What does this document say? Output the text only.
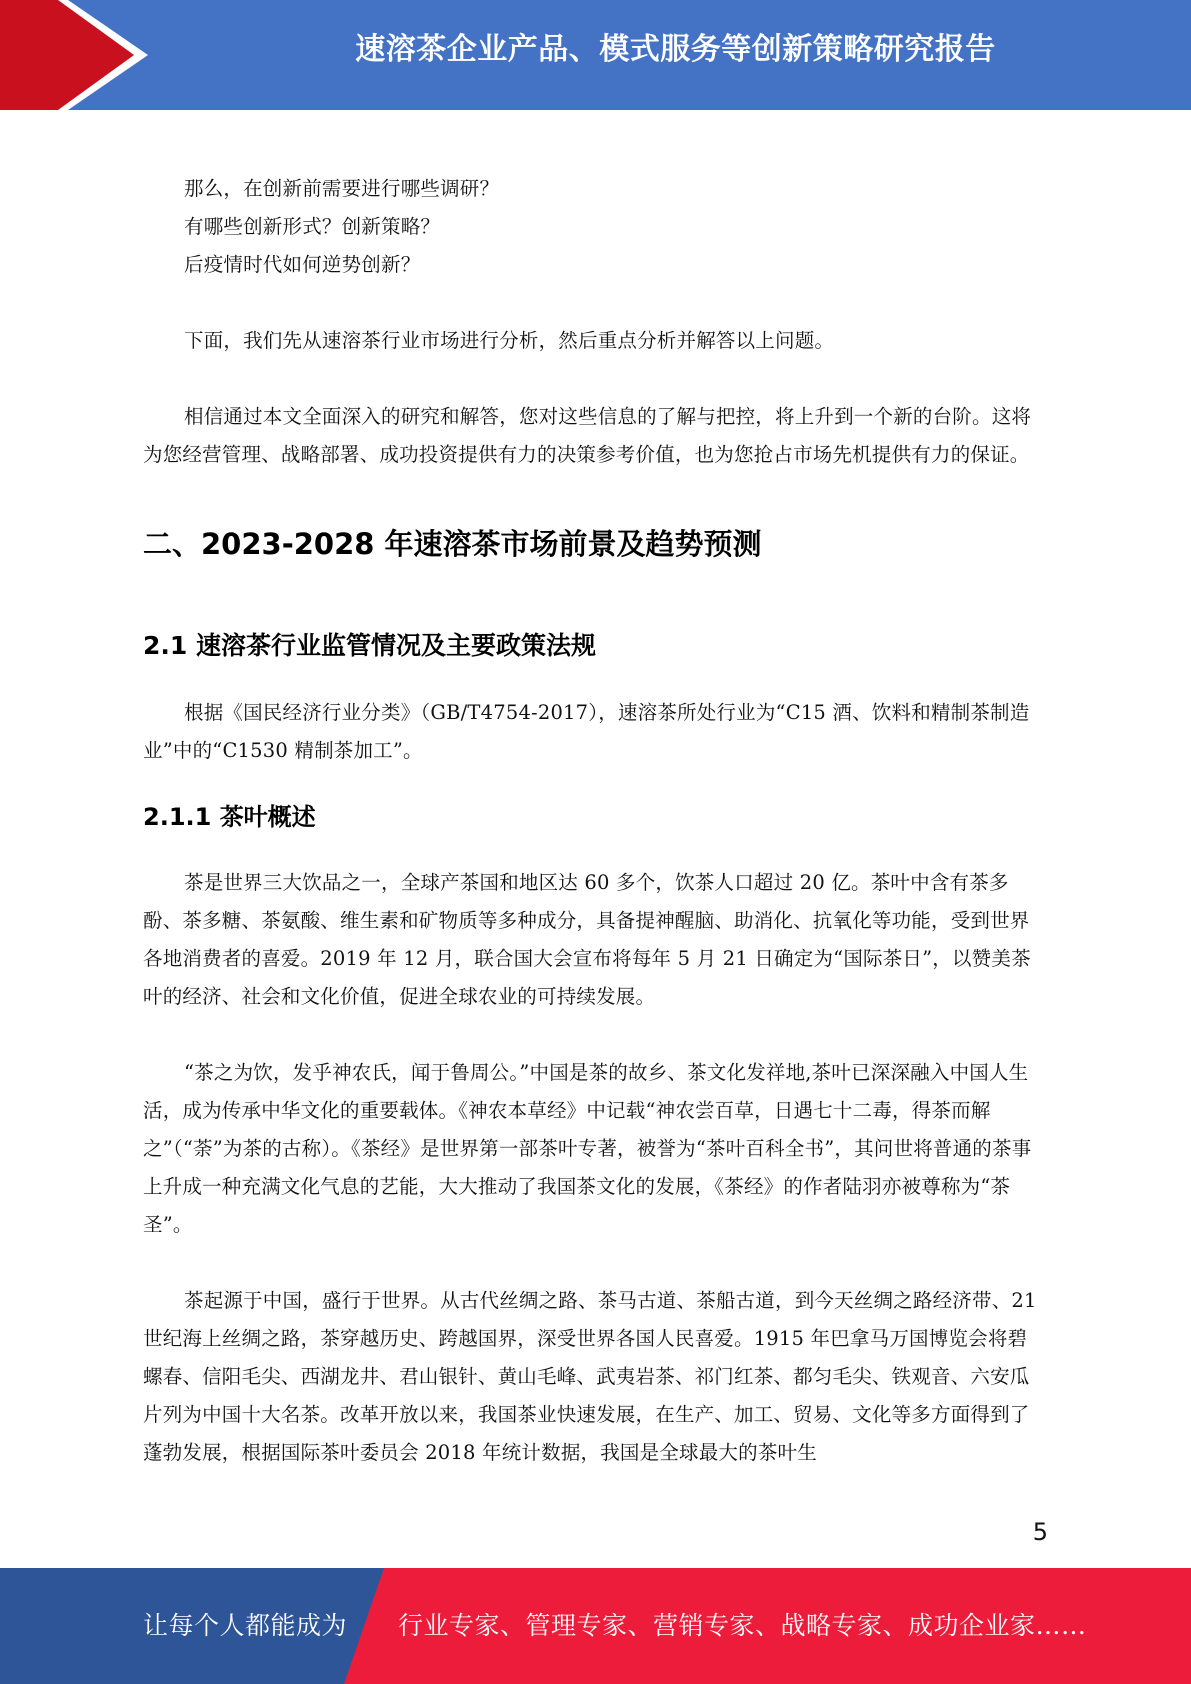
速溶茶企业产品、模式服务等创新策略研究报告

那么，在创新前需要进行哪些调研？

有哪些创新形式？创新策略？

后疫情时代如何逆势创新？

下面，我们先从速溶茶行业市场进行分析，然后重点分析并解答以上问题。

相信通过本文全面深入的研究和解答，您对这些信息的了解与把控，将上升到一个新的台阶。这将为您经营管理、战略部署、成功投资提供有力的决策参考价值，也为您抢占市场先机提供有力的保证。

二、2023-2028 年速溶茶市场前景及趋势预测
2.1 速溶茶行业监管情况及主要政策法规

根据《国民经济行业分类》（GB/T4754-2017），速溶茶所处行业为“C15 酒、饮料和精制茶制造业”中的“C1530 精制茶加工”。

2.1.1 茶叶概述

茶是世界三大饮品之一，全球产茶国和地区达 60 多个，饮茶人口超过 20 亿。茶叶中含有茶多酚、茶多糖、茶氨酸、维生素和矿物质等多种成分，具备提神醒脑、助消化、抗氧化等功能，受到世界各地消费者的喜爱。2019 年 12 月，联合国大会宣布将每年 5 月 21 日确定为“国际茶日”，以赞美茶叶的经济、社会和文化价值，促进全球农业的可持续发展。

“茶之为饮，发乎神农氏，闻于鲁周公。”中国是茶的故乡、茶文化发祥地,茶叶已深深融入中国人生活，成为传承中华文化的重要载体。《神农本草经》中记载“神农尝百草，日遇七十二毒，得茶而解之”（“荼”为茶的古称）。《茶经》是世界第一部茶叶专著，被誉为“茶叶百科全书”，其问世将普通的茶事上升成一种充满文化气息的艺能，大大推动了我国茶文化的发展，《茶经》的作者陆羽亦被尊称为“茶圣”。

茶起源于中国，盛行于世界。从古代丝绸之路、茶马古道、茶船古道，到今天丝绸之路经济带、21 世纪海上丝绸之路，茶穿越历史、跨越国界，深受世界各国人民喜爱。1915 年巴拿马万国博览会将碧螺春、信阳毛尖、西湖龙井、君山银针、黄山毛峰、武夷岩茶、祁门红茶、都匀毛尖、铁观音、六安瓜片列为中国十大名茶。改革开放以来，我国茶业快速发展，在生产、加工、贸易、文化等多方面得到了蓬勃发展，根据国际茶叶委员会 2018 年统计数据，我国是全球最大的茶叶生

5
让每个人都能成为 行业专家、管理专家、营销专家、战略专家、成功企业家……
